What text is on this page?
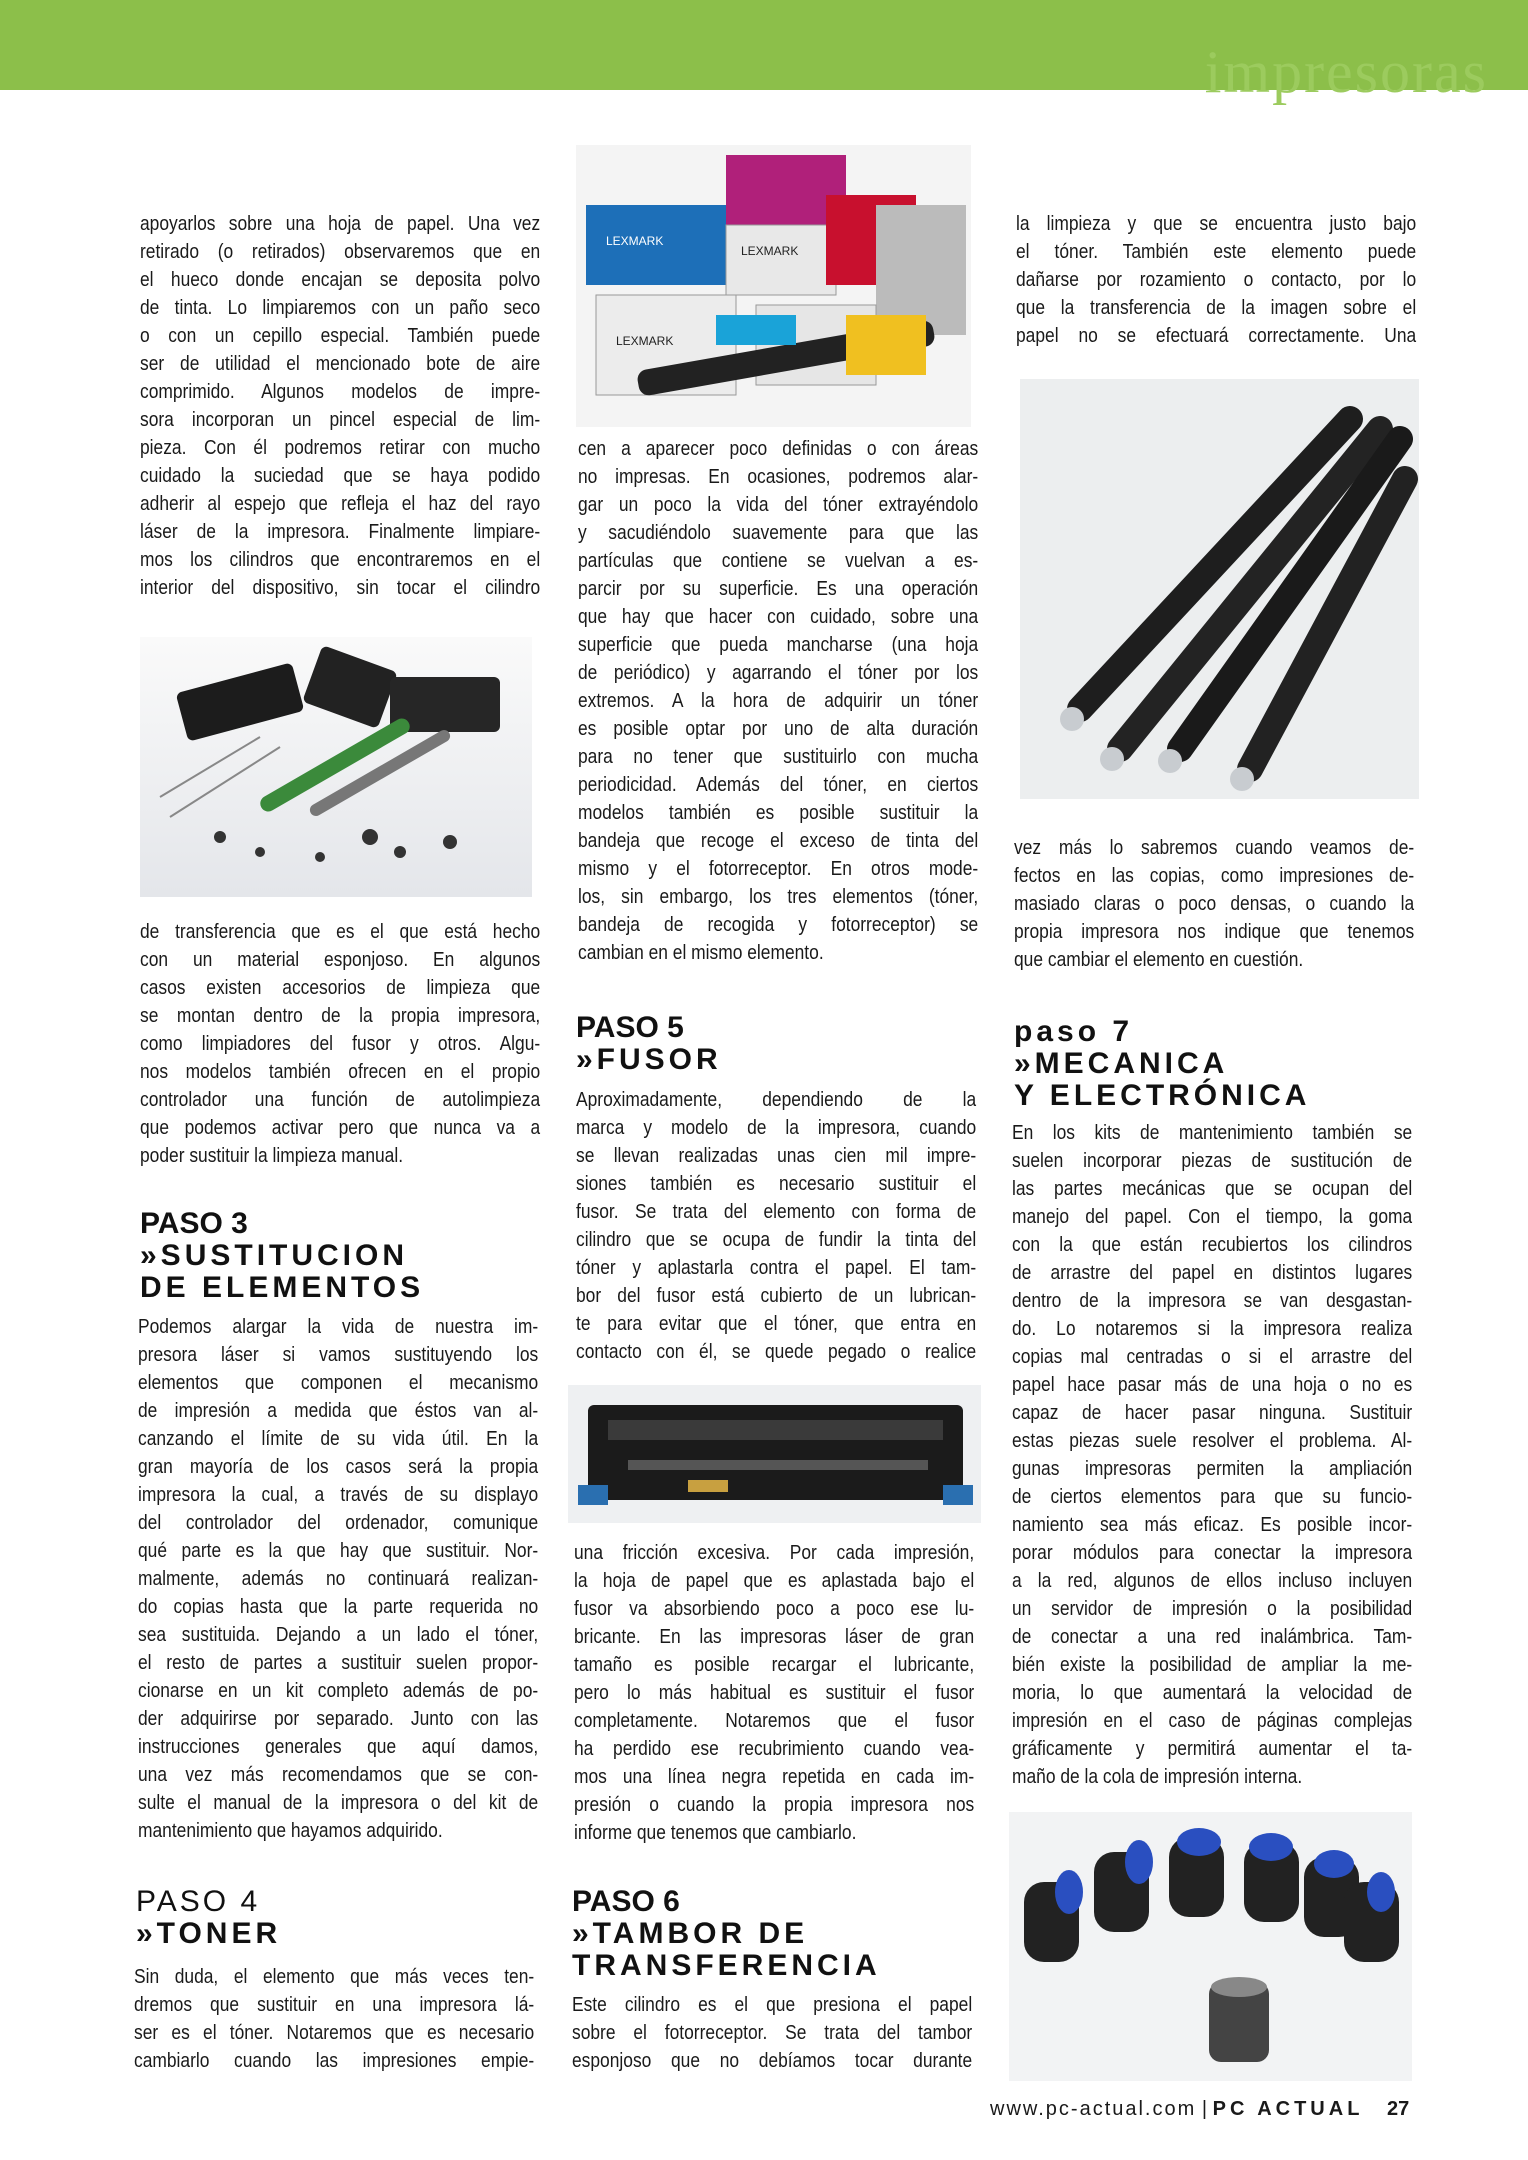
impresoras
apoyarlos sobre una hoja de papel. Una vez
retirado (o retirados) observaremos que en
el hueco donde encajan se deposita polvo
de tinta. Lo limpiaremos con un paño seco
o con un cepillo especial. También puede
ser de utilidad el mencionado bote de aire
comprimido. Algunos modelos de impre-
sora incorporan un pincel especial de lim-
pieza. Con él podremos retirar con mucho
cuidado la suciedad que se haya podido
adherir al espejo que refleja el haz del rayo
láser de la impresora. Finalmente limpiare-
mos los cilindros que encontraremos en el
interior del dispositivo, sin tocar el cilindro
de transferencia que es el que está hecho
con un material esponjoso. En algunos
casos existen accesorios de limpieza que
se montan dentro de la propia impresora,
como limpiadores del fusor y otros. Algu-
nos modelos también ofrecen en el propio
controlador una función de autolimpieza
que podemos activar pero que nunca va a
poder sustituir la limpieza manual.
PASO 3
»SUSTITUCION
DE ELEMENTOS
Podemos alargar la vida de nuestra im-
presora láser si vamos sustituyendo los
elementos que componen el mecanismo
de impresión a medida que éstos van al-
canzando el límite de su vida útil. En la
gran mayoría de los casos será la propia
impresora la cual, a través de su displayo
del controlador del ordenador, comunique
qué parte es la que hay que sustituir. Nor-
malmente, además no continuará realizan-
do copias hasta que la parte requerida no
sea sustituida. Dejando a un lado el tóner,
el resto de partes a sustituir suelen propor-
cionarse en un kit completo además de po-
der adquirirse por separado. Junto con las
instrucciones generales que aquí damos,
una vez más recomendamos que se con-
sulte el manual de la impresora o del kit de
mantenimiento que hayamos adquirido.
PASO 4
»TONER
Sin duda, el elemento que más veces ten-
dremos que sustituir en una impresora lá-
ser es el tóner. Notaremos que es necesario
cambiarlo cuando las impresiones empie-
LEXMARK
LEXMARK
LEXMARK
cen a aparecer poco definidas o con áreas
no impresas. En ocasiones, podremos alar-
gar un poco la vida del tóner extrayéndolo
y sacudiéndolo suavemente para que las
partículas que contiene se vuelvan a es-
parcir por su superficie. Es una operación
que hay que hacer con cuidado, sobre una
superficie que pueda mancharse (una hoja
de periódico) y agarrando el tóner por los
extremos. A la hora de adquirir un tóner
es posible optar por uno de alta duración
para no tener que sustituirlo con mucha
periodicidad. Además del tóner, en ciertos
modelos también es posible sustituir la
bandeja que recoge el exceso de tinta del
mismo y el fotorreceptor. En otros mode-
los, sin embargo, los tres elementos (tóner,
bandeja de recogida y fotorreceptor) se
cambian en el mismo elemento.
PASO 5
»FUSOR
Aproximadamente, dependiendo de la
marca y modelo de la impresora, cuando
se llevan realizadas unas cien mil impre-
siones también es necesario sustituir el
fusor. Se trata del elemento con forma de
cilindro que se ocupa de fundir la tinta del
tóner y aplastarla contra el papel. El tam-
bor del fusor está cubierto de un lubrican-
te para evitar que el tóner, que entra en
contacto con él, se quede pegado o realice
una fricción excesiva. Por cada impresión,
la hoja de papel que es aplastada bajo el
fusor va absorbiendo poco a poco ese lu-
bricante. En las impresoras láser de gran
tamaño es posible recargar el lubricante,
pero lo más habitual es sustituir el fusor
completamente. Notaremos que el fusor
ha perdido ese recubrimiento cuando vea-
mos una línea negra repetida en cada im-
presión o cuando la propia impresora nos
informe que tenemos que cambiarlo.
PASO 6
»TAMBOR DE
TRANSFERENCIA
Este cilindro es el que presiona el papel
sobre el fotorreceptor. Se trata del tambor
esponjoso que no debíamos tocar durante
la limpieza y que se encuentra justo bajo
el tóner. También este elemento puede
dañarse por rozamiento o contacto, por lo
que la transferencia de la imagen sobre el
papel no se efectuará correctamente. Una
vez más lo sabremos cuando veamos de-
fectos en las copias, como impresiones de-
masiado claras o poco densas, o cuando la
propia impresora nos indique que tenemos
que cambiar el elemento en cuestión.
paso 7
»MECANICA
Y ELECTRÓNICA
En los kits de mantenimiento también se
suelen incorporar piezas de sustitución de
las partes mecánicas que se ocupan del
manejo del papel. Con el tiempo, la goma
con la que están recubiertos los cilindros
de arrastre del papel en distintos lugares
dentro de la impresora se van desgastan-
do. Lo notaremos si la impresora realiza
copias mal centradas o si el arrastre del
papel hace pasar más de una hoja o no es
capaz de hacer pasar ninguna. Sustituir
estas piezas suele resolver el problema. Al-
gunas impresoras permiten la ampliación
de ciertos elementos para que su funcio-
namiento sea más eficaz. Es posible incor-
porar módulos para conectar la impresora
a la red, algunos de ellos incluso incluyen
un servidor de impresión o la posibilidad
de conectar a una red inalámbrica. Tam-
bién existe la posibilidad de ampliar la me-
moria, lo que aumentará la velocidad de
impresión en el caso de páginas complejas
gráficamente y permitirá aumentar el ta-
maño de la cola de impresión interna.
www.pc-actual.com | PC ACTUAL 27
